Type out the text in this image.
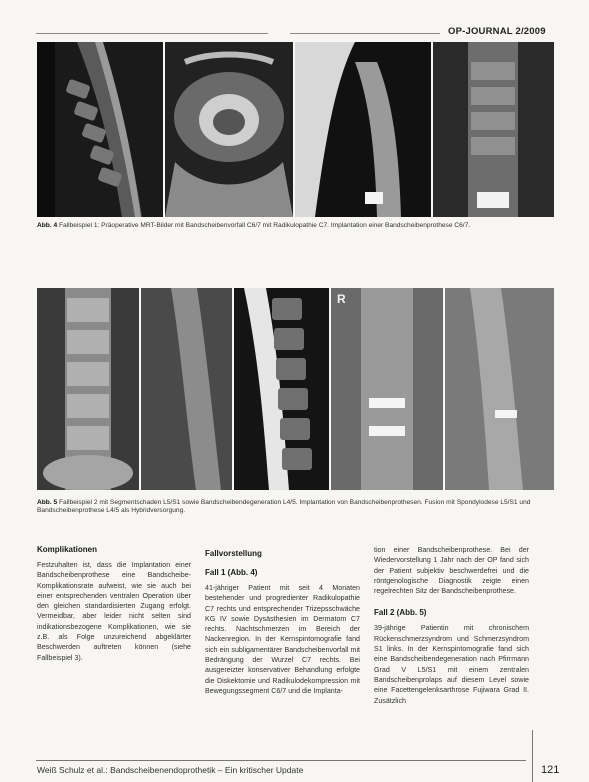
OP-JOURNAL 2/2009
Abb. 4 Fallbeispiel 1: Präoperative MRT-Bilder mit Bandscheibenvorfall C6/7 mit Radikulopathie C7. Implantation einer Bandscheibenprothese C6/7.
R
Abb. 5 Fallbeispiel 2 mit Segmentschaden L5/S1 sowie Bandscheibendegeneration L4/5. Implantation von Bandscheibenprothesen. Fusion mit Spondylodese L5/S1 und Bandscheibenprothese L4/5 als Hybridversorgung.
Komplikationen

Festzuhalten ist, dass die Implantation einer Bandscheibenprothese eine Bandscheibe-Komplikationsrate aufweist, wie sie auch bei einer entsprechenden ventralen Operation über den gleichen standardisierten Zugang erfolgt. Vermeidbar, aber leider nicht selten sind indikationsbezogene Komplikationen, wie sie z.B. als Folge unzureichend abgeklärter Beschwerden auftreten können (siehe Fallbeispiel 3).

Fallvorstellung
Fall 1 (Abb. 4)

41-jähriger Patient mit seit 4 Monaten bestehender und progredienter Radikulopathie C7 rechts und entsprechender Trizepsschwäche KG IV sowie Dysästhesien im Dermatom C7 rechts. Nachtschmerzen im Bereich der Nackenregion. In der Kernspintomografie fand sich ein subligamentärer Bandscheibenvorfall mit Bedrängung der Wurzel C7 rechts. Bei ausgereizter konservativer Behandlung erfolgte die Diskektomie und Radikulodekompression mit Bewegungssegment C6/7 und die Implanta-

tion einer Bandscheibenprothese. Bei der Wiedervorstellung 1 Jahr nach der OP fand sich der Patient subjektiv beschwerdefrei und die röntgenologische Diagnostik zeigte einen regelrechten Sitz der Bandscheibenprothese.

Fall 2 (Abb. 5)

39-jährige Patientin mit chronischem Rückenschmerzsyndrom und Schmerzsyndrom S1 links. In der Kernspintomografie fand sich eine Bandscheibendegeneration nach Pfirrmann Grad V L5/S1 mit einem zentralen Bandscheibenprolaps auf diesem Level sowie eine Facettengelenksarthrose Fujiwara Grad II. Zusätzlich

Weiß Schulz et al.: Bandscheibenendoprothetik – Ein kritischer Update	121
